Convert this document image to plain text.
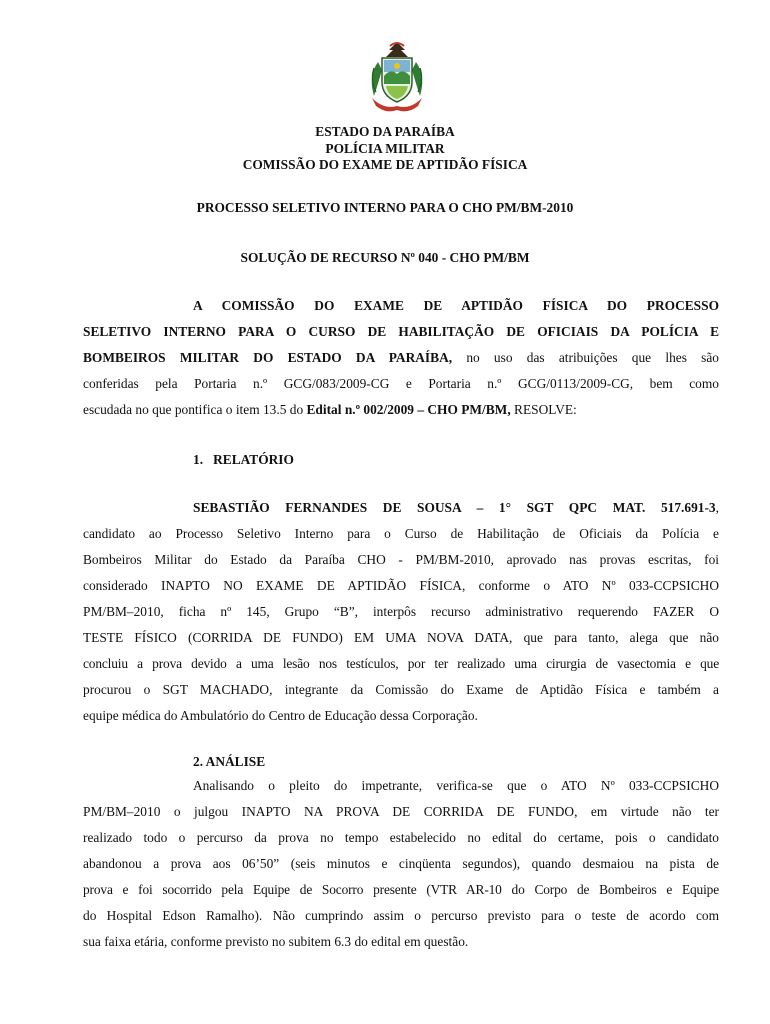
ESTADO DA PARAÍBA
POLÍCIA MILITAR
COMISSÃO DO EXAME DE APTIDÃO FÍSICA
PROCESSO SELETIVO INTERNO PARA O CHO PM/BM-2010
SOLUÇÃO DE RECURSO Nº 040 - CHO PM/BM
A COMISSÃO DO EXAME DE APTIDÃO FÍSICA DO PROCESSO
SELETIVO INTERNO PARA O CURSO DE HABILITAÇÃO DE OFICIAIS DA POLÍCIA E
BOMBEIROS MILITAR DO ESTADO DA PARAÍBA, no uso das atribuições que lhes são
conferidas pela Portaria n.º GCG/083/2009-CG e Portaria n.º GCG/0113/2009-CG, bem como
escudada no que pontifica o item 13.5 do Edital n.º 002/2009 – CHO PM/BM, RESOLVE:
1.   RELATÓRIO
SEBASTIÃO FERNANDES DE SOUSA – 1° SGT QPC MAT. 517.691-3,
candidato ao Processo Seletivo Interno para o Curso de Habilitação de Oficiais da Polícia e
Bombeiros Militar do Estado da Paraíba CHO - PM/BM-2010, aprovado nas provas escritas, foi
considerado INAPTO NO EXAME DE APTIDÃO FÍSICA, conforme o ATO Nº 033-CCPSICHO
PM/BM–2010, ficha nº 145, Grupo “B”, interpôs recurso administrativo requerendo FAZER O
TESTE FÍSICO (CORRIDA DE FUNDO) EM UMA NOVA DATA, que para tanto, alega que não
concluiu a prova devido a uma lesão nos testículos, por ter realizado uma cirurgia de vasectomia e que
procurou o SGT MACHADO, integrante da Comissão do Exame de Aptidão Física e também a
equipe médica do Ambulatório do Centro de Educação dessa Corporação.
2. ANÁLISE
Analisando o pleito do impetrante, verifica-se que o ATO Nº 033-CCPSICHO
PM/BM–2010 o julgou INAPTO NA PROVA DE CORRIDA DE FUNDO, em virtude não ter
realizado todo o percurso da prova no tempo estabelecido no edital do certame, pois o candidato
abandonou a prova aos 06’50” (seis minutos e cinqüenta segundos), quando desmaiou na pista de
prova e foi socorrido pela Equipe de Socorro presente (VTR AR-10 do Corpo de Bombeiros e Equipe
do Hospital Edson Ramalho). Não cumprindo assim o percurso previsto para o teste de acordo com
sua faixa etária, conforme previsto no subitem 6.3 do edital em questão.
